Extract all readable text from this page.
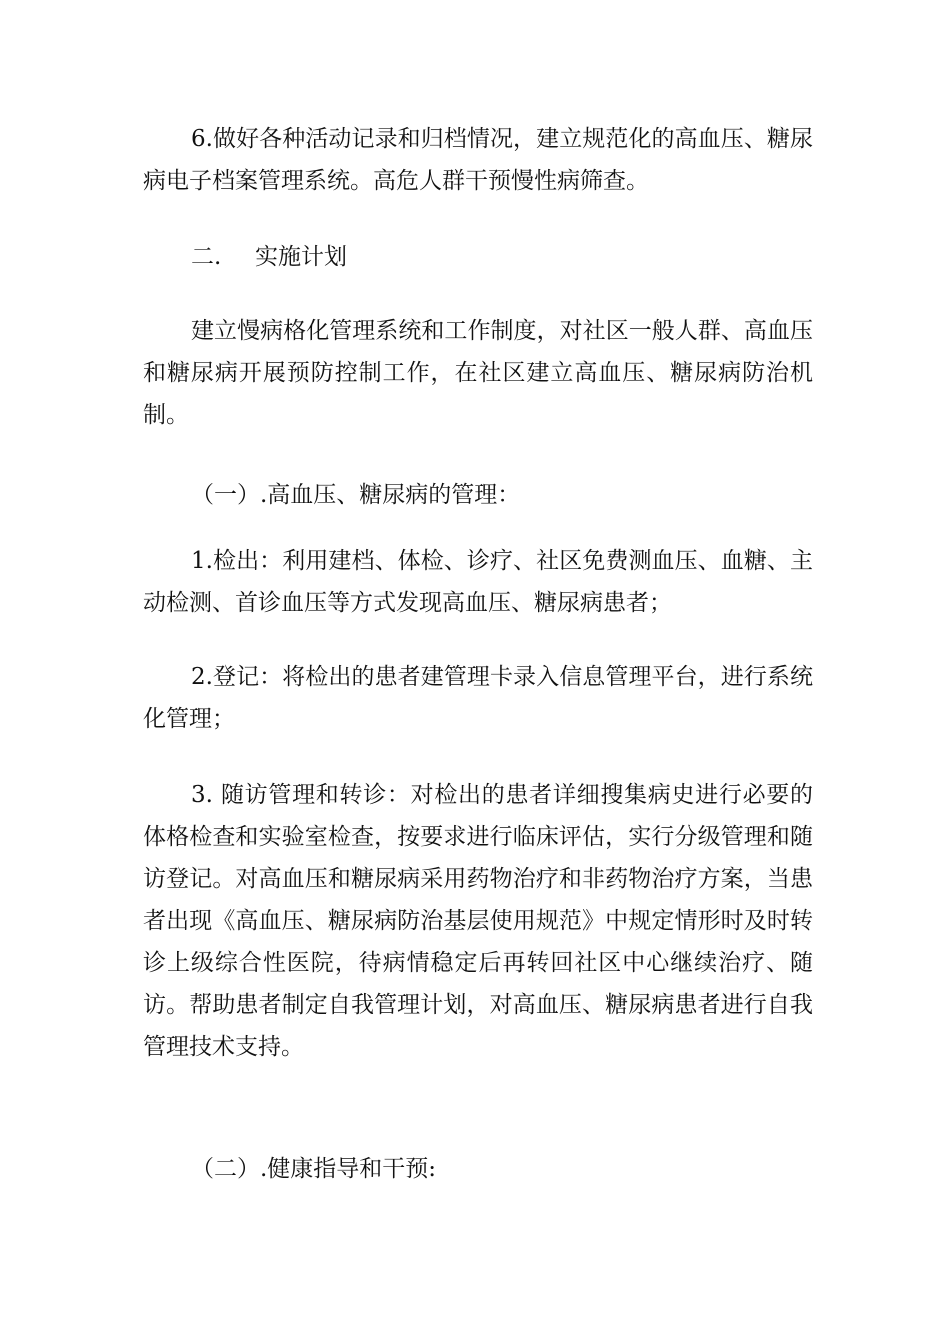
6.做好各种活动记录和归档情况，建立规范化的高血压、糖尿病电子档案管理系统。高危人群干预慢性病筛查。

二. 实施计划

建立慢病格化管理系统和工作制度，对社区一般人群、高血压和糖尿病开展预防控制工作，在社区建立高血压、糖尿病防治机制。

（一）.高血压、糖尿病的管理：

1.检出：利用建档、体检、诊疗、社区免费测血压、血糖、主动检测、首诊血压等方式发现高血压、糖尿病患者；

2.登记：将检出的患者建管理卡录入信息管理平台，进行系统化管理；

3. 随访管理和转诊：对检出的患者详细搜集病史进行必要的体格检查和实验室检查，按要求进行临床评估，实行分级管理和随访登记。对高血压和糖尿病采用药物治疗和非药物治疗方案，当患者出现《高血压、糖尿病防治基层使用规范》中规定情形时及时转诊上级综合性医院，待病情稳定后再转回社区中心继续治疗、随访。帮助患者制定自我管理计划，对高血压、糖尿病患者进行自我管理技术支持。

（二）.健康指导和干预:
